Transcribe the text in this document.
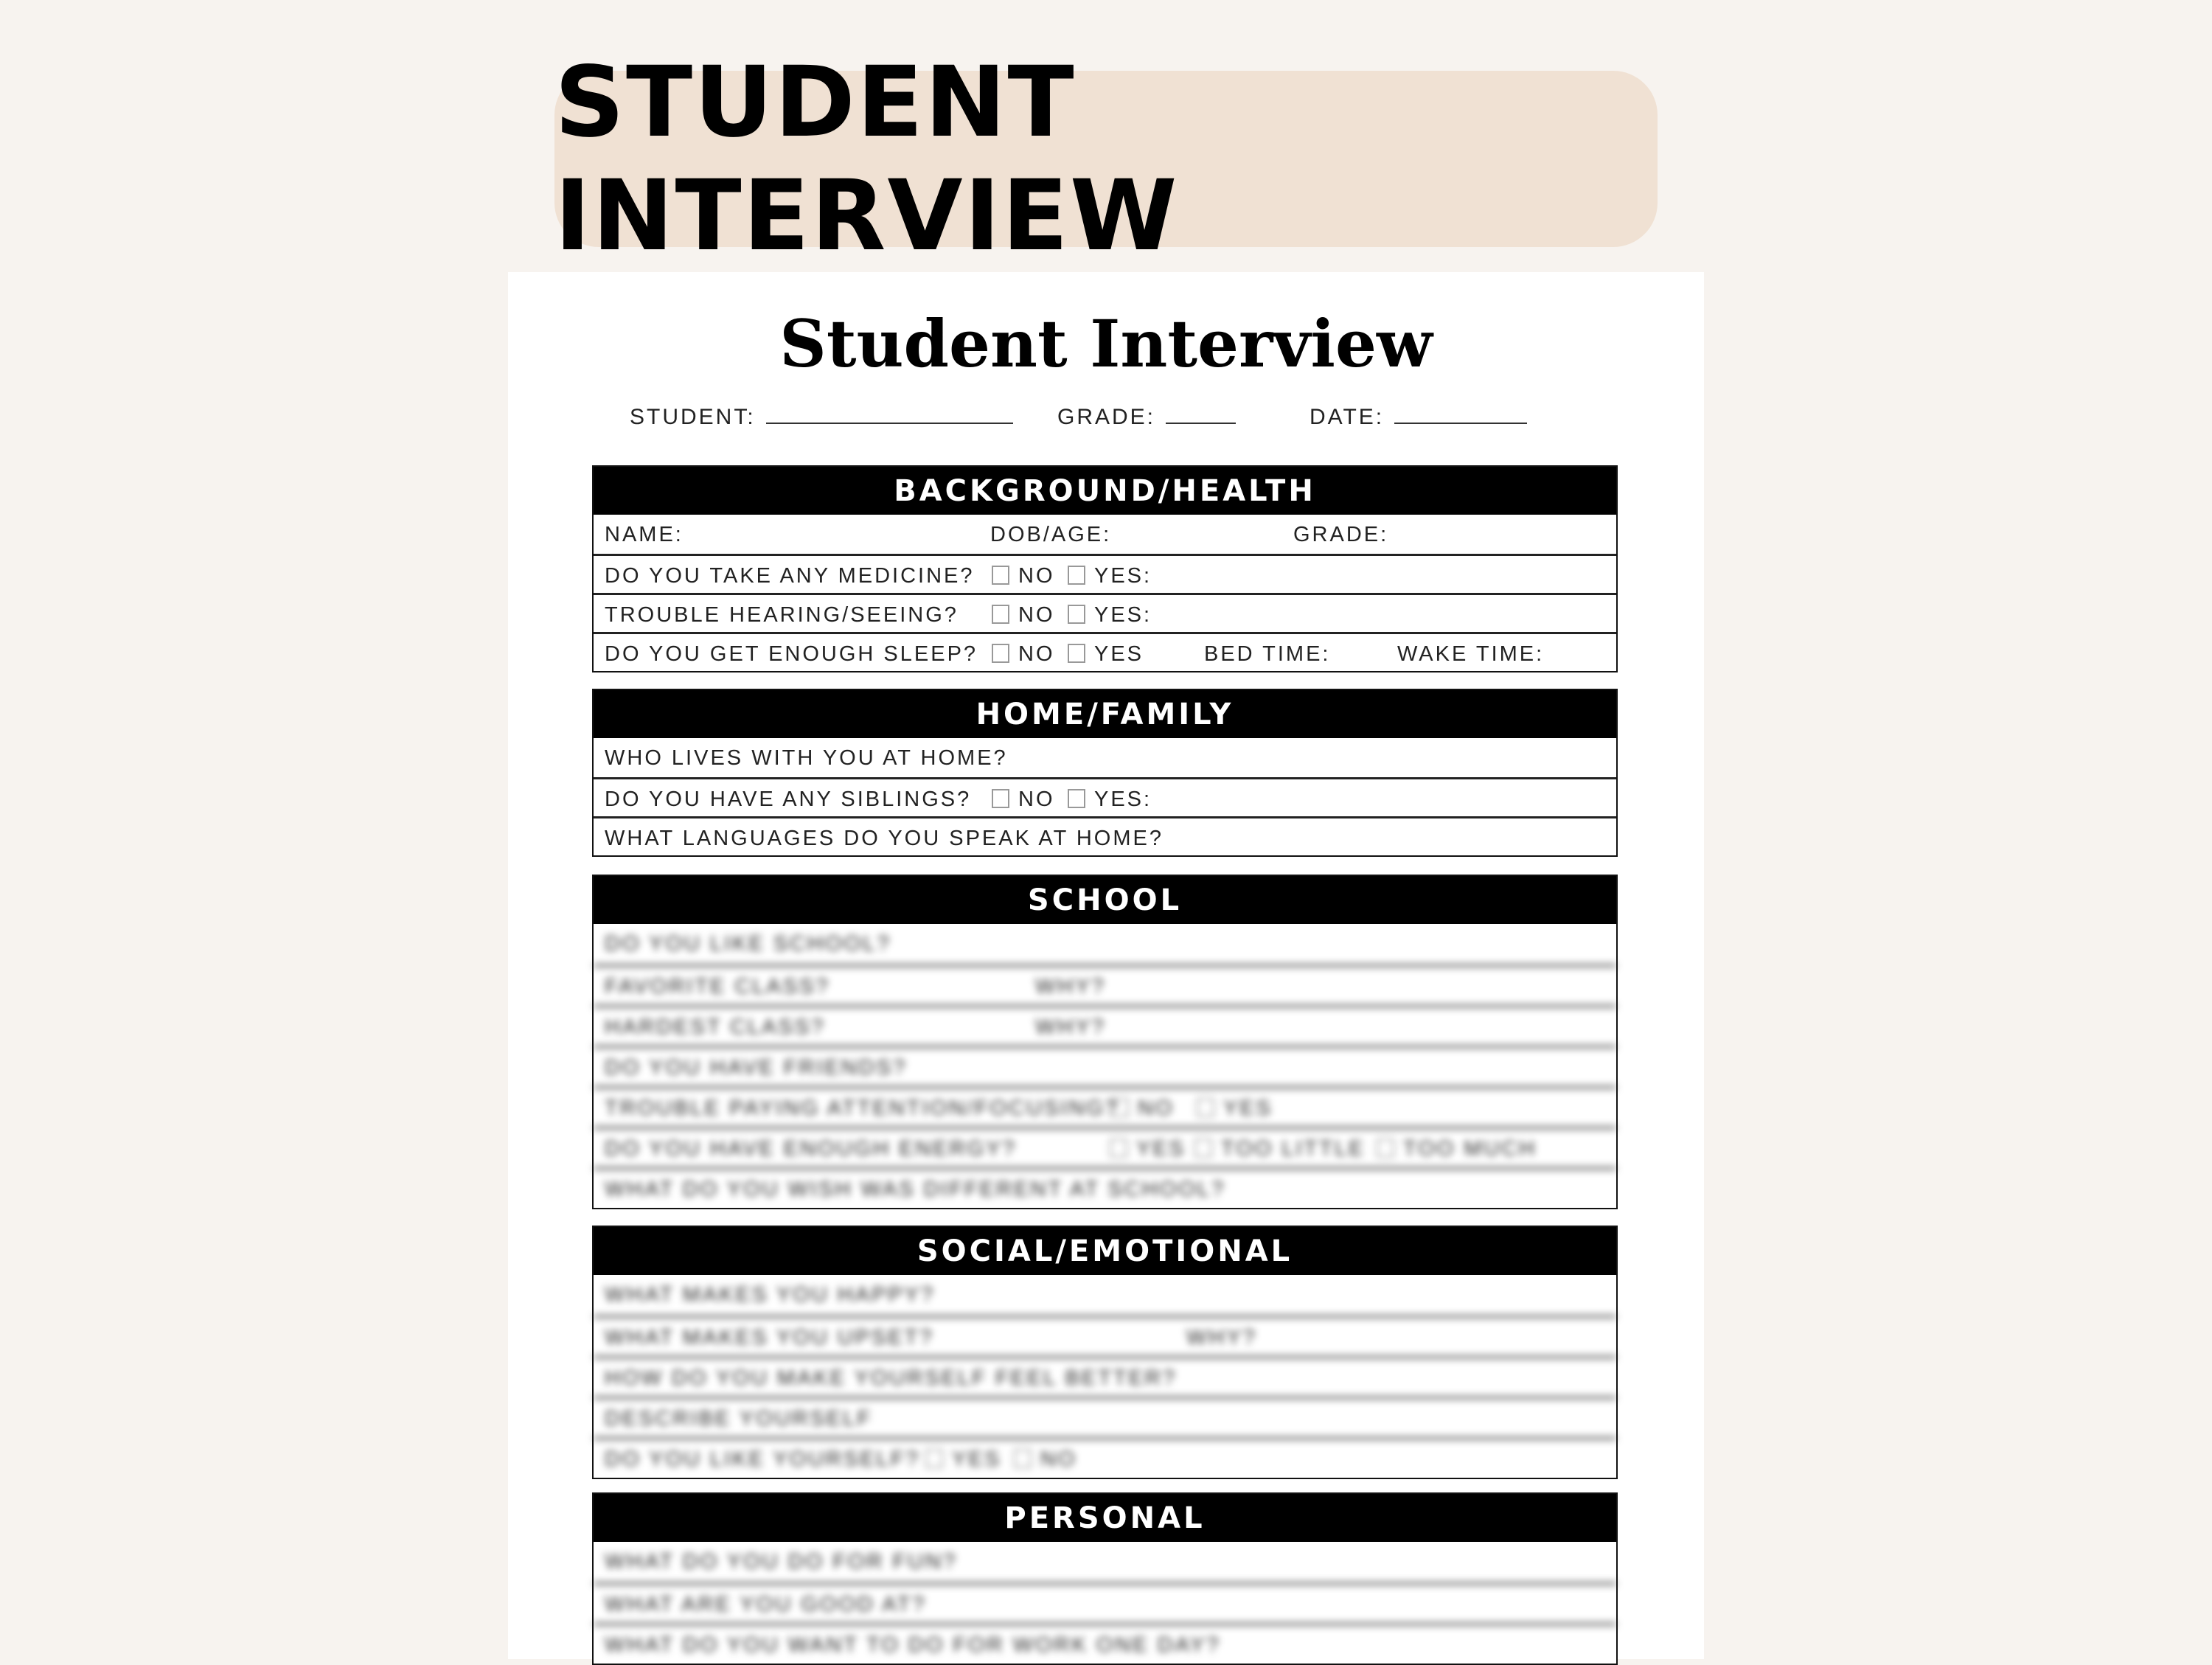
STUDENT INTERVIEW
Student Interview
STUDENT:	GRADE:	DATE:
BACKGROUND/HEALTH
NAME:	DOB/AGE:	GRADE:
DO YOU TAKE ANY MEDICINE?	NO	YES:
TROUBLE HEARING/SEEING?	NO	YES:
DO YOU GET ENOUGH SLEEP?	NO	YES	BED TIME:	WAKE TIME:
HOME/FAMILY
WHO LIVES WITH YOU AT HOME?
DO YOU HAVE ANY SIBLINGS?	NO	YES:
WHAT LANGUAGES DO YOU SPEAK AT HOME?
SCHOOL
DO YOU LIKE SCHOOL?
FAVORITE CLASS?	WHY?
HARDEST CLASS?	WHY?
DO YOU HAVE FRIENDS?
TROUBLE PAYING ATTENTION/FOCUSING? NO	YES
DO YOU HAVE ENOUGH ENERGY?	YES	TOO LITTLE	TOO MUCH
WHAT DO YOU WISH WAS DIFFERENT AT SCHOOL?
SOCIAL/EMOTIONAL
WHAT MAKES YOU HAPPY?
WHAT MAKES YOU UPSET?	WHY?
HOW DO YOU MAKE YOURSELF FEEL BETTER?
DESCRIBE YOURSELF
DO YOU LIKE YOURSELF?	YES	NO
PERSONAL
WHAT DO YOU DO FOR FUN?
WHAT ARE YOU GOOD AT?
WHAT DO YOU WANT TO DO FOR WORK ONE DAY?
